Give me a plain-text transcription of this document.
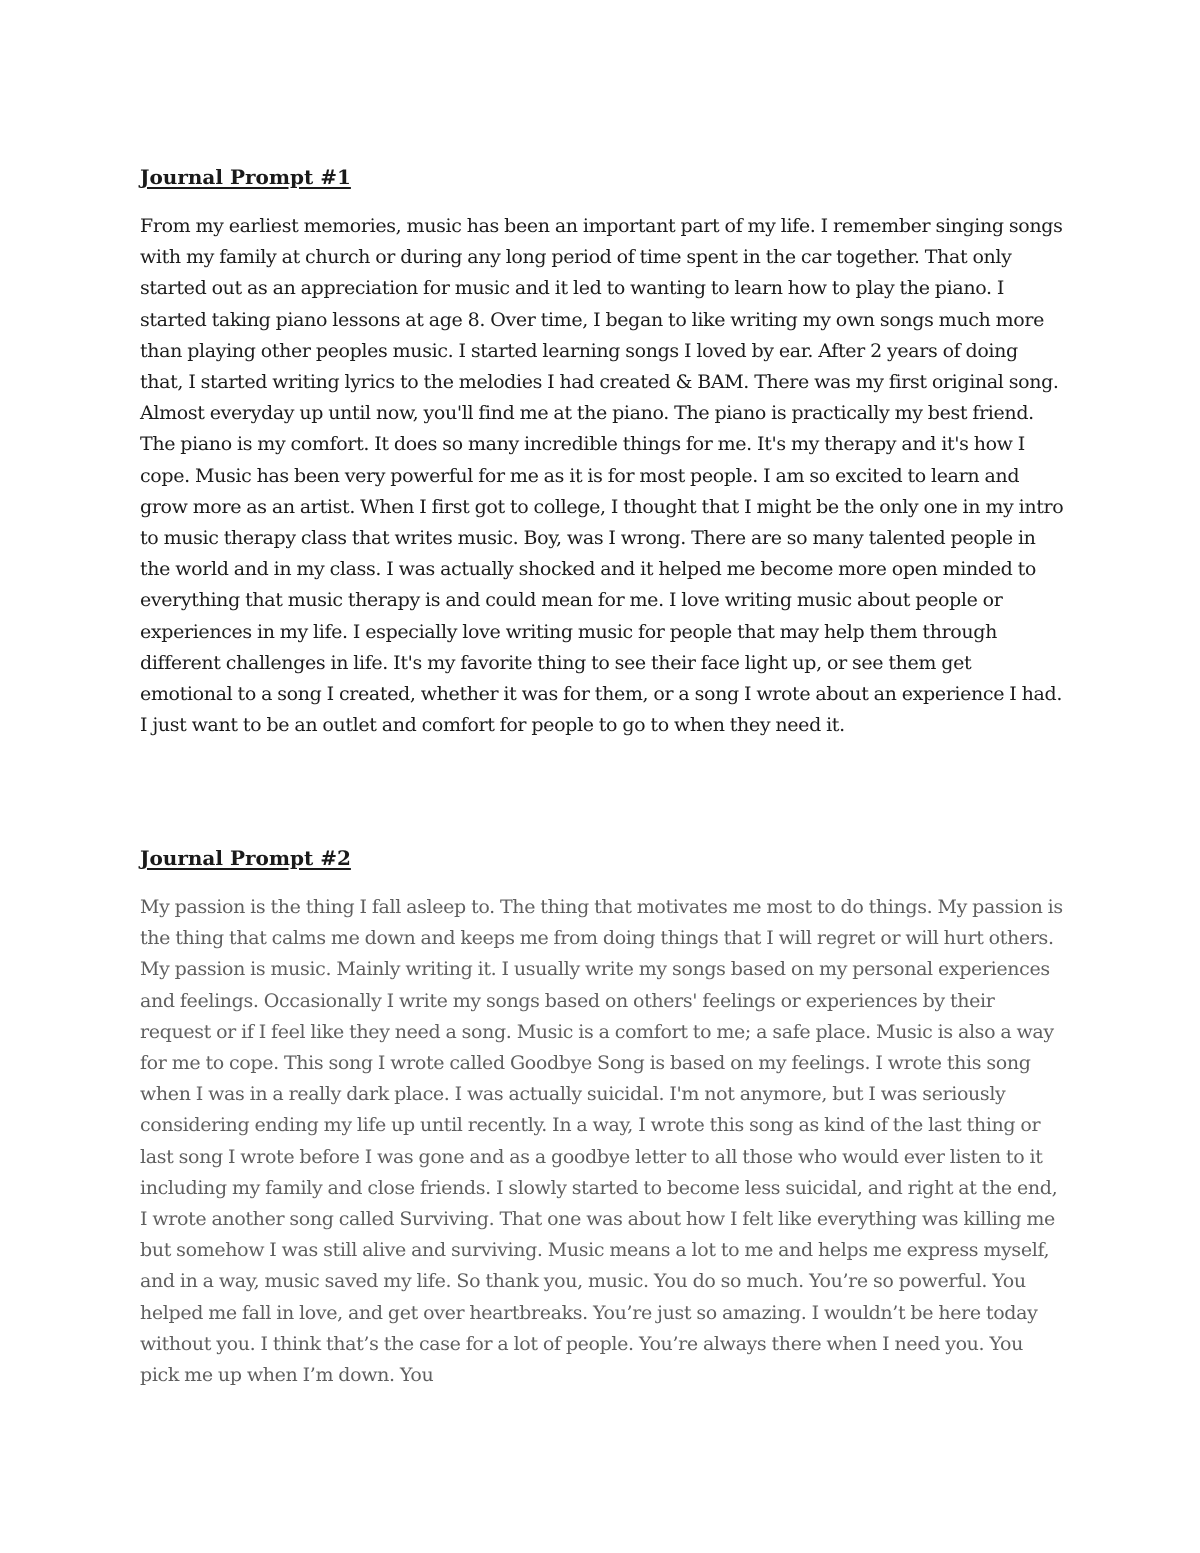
Journal Prompt #1

From my earliest memories, music has been an important part of my life. I remember singing songs with my family at church or during any long period of time spent in the car together. That only started out as an appreciation for music and it led to wanting to learn how to play the piano. I started taking piano lessons at age 8. Over time, I began to like writing my own songs much more than playing other peoples music. I started learning songs I loved by ear. After 2 years of doing that, I started writing lyrics to the melodies I had created & BAM. There was my first original song. Almost everyday up until now, you'll find me at the piano. The piano is practically my best friend. The piano is my comfort. It does so many incredible things for me. It's my therapy and it's how I cope. Music has been very powerful for me as it is for most people. I am so excited to learn and grow more as an artist. When I first got to college, I thought that I might be the only one in my intro to music therapy class that writes music. Boy, was I wrong. There are so many talented people in the world and in my class. I was actually shocked and it helped me become more open minded to everything that music therapy is and could mean for me. I love writing music about people or experiences in my life. I especially love writing music for people that may help them through different challenges in life. It's my favorite thing to see their face light up, or see them get emotional to a song I created, whether it was for them, or a song I wrote about an experience I had. I just want to be an outlet and comfort for people to go to when they need it.

Journal Prompt #2

My passion is the thing I fall asleep to. The thing that motivates me most to do things. My passion is the thing that calms me down and keeps me from doing things that I will regret or will hurt others. My passion is music. Mainly writing it. I usually write my songs based on my personal experiences and feelings. Occasionally I write my songs based on others' feelings or experiences by their request or if I feel like they need a song. Music is a comfort to me; a safe place. Music is also a way for me to cope. This song I wrote called Goodbye Song is based on my feelings. I wrote this song when I was in a really dark place. I was actually suicidal. I'm not anymore, but I was seriously considering ending my life up until recently. In a way, I wrote this song as kind of the last thing or last song I wrote before I was gone and as a goodbye letter to all those who would ever listen to it including my family and close friends. I slowly started to become less suicidal, and right at the end, I wrote another song called Surviving. That one was about how I felt like everything was killing me but somehow I was still alive and surviving. Music means a lot to me and helps me express myself, and in a way, music saved my life. So thank you, music. You do so much. You’re so powerful. You helped me fall in love, and get over heartbreaks. You’re just so amazing. I wouldn’t be here today without you. I think that’s the case for a lot of people. You’re always there when I need you. You pick me up when I’m down. You
